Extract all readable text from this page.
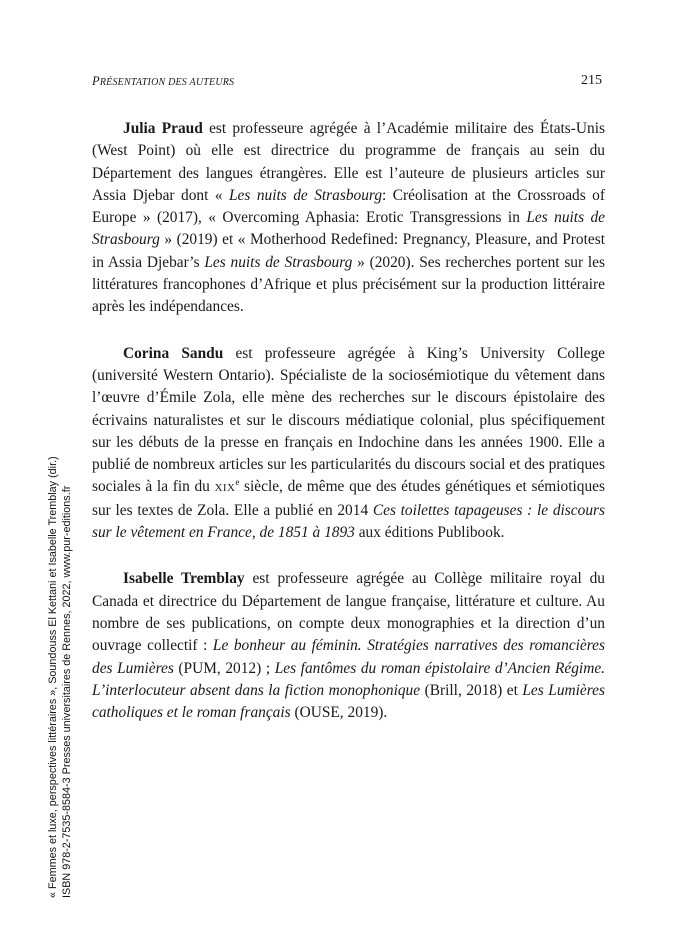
PRÉSENTATION DES AUTEURS	215

Julia Praud est professeure agrégée à l’Académie militaire des États-Unis (West Point) où elle est directrice du programme de français au sein du Département des langues étrangères. Elle est l’auteure de plusieurs articles sur Assia Djebar dont « Les nuits de Strasbourg: Créolisation at the Crossroads of Europe » (2017), « Overcoming Aphasia: Erotic Transgressions in Les nuits de Strasbourg » (2019) et « Motherhood Redefined: Pregnancy, Pleasure, and Protest in Assia Djebar’s Les nuits de Strasbourg » (2020). Ses recherches portent sur les littératures francophones d’Afrique et plus précisément sur la production littéraire après les indépendances.

Corina Sandu est professeure agrégée à King’s University College (université Western Ontario). Spécialiste de la sociosémiotique du vêtement dans l’œuvre d’Émile Zola, elle mène des recherches sur le discours épistolaire des écrivains naturalistes et sur le discours médiatique colonial, plus spécifiquement sur les débuts de la presse en français en Indochine dans les années 1900. Elle a publié de nombreux articles sur les particularités du discours social et des pratiques sociales à la fin du XIXe siècle, de même que des études génétiques et sémiotiques sur les textes de Zola. Elle a publié en 2014 Ces toilettes tapageuses : le discours sur le vêtement en France, de 1851 à 1893 aux éditions Publibook.

Isabelle Tremblay est professeure agrégée au Collège militaire royal du Canada et directrice du Département de langue française, littérature et culture. Au nombre de ses publications, on compte deux monographies et la direction d’un ouvrage collectif : Le bonheur au féminin. Stratégies narratives des romancières des Lumières (PUM, 2012) ; Les fantômes du roman épistolaire d’Ancien Régime. L’interlocuteur absent dans la fiction monophonique (Brill, 2018) et Les Lumières catholiques et le roman français (OUSE, 2019).

« Femmes et luxe, perspectives littéraires », Soundouss El Kettani et Isabelle Tremblay (dir.) ISBN 978-2-7535-8584-3 Presses universitaires de Rennes, 2022, www.pur-editions.fr
